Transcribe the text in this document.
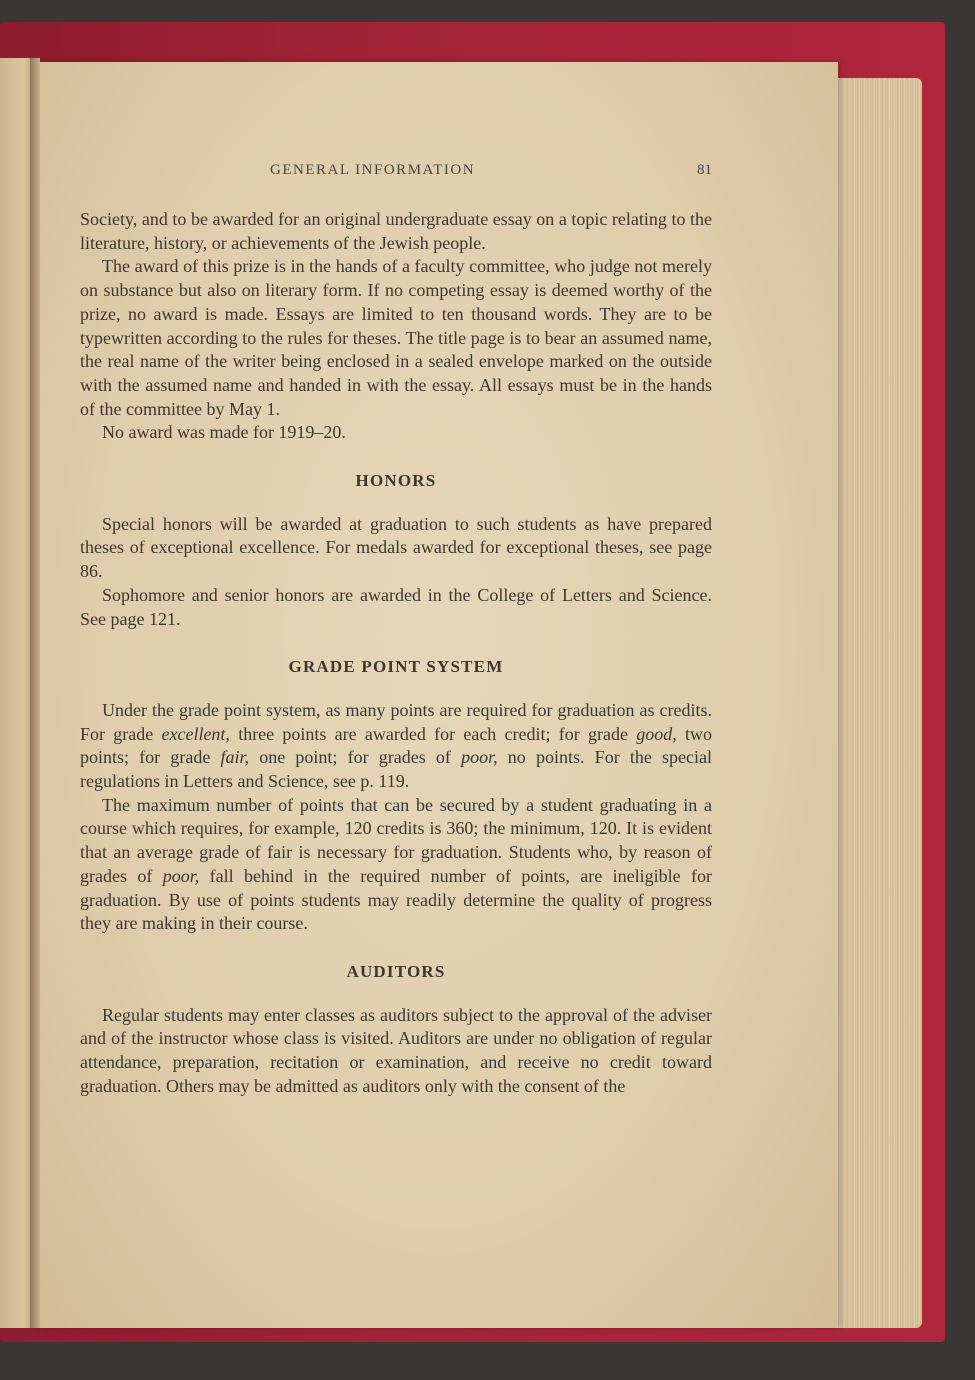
GENERAL INFORMATION	81

Society, and to be awarded for an original undergraduate essay on a topic relating to the literature, history, or achievements of the Jewish people.

The award of this prize is in the hands of a faculty committee, who judge not merely on substance but also on literary form. If no competing essay is deemed worthy of the prize, no award is made. Essays are limited to ten thousand words. They are to be typewritten according to the rules for theses. The title page is to bear an assumed name, the real name of the writer being enclosed in a sealed envelope marked on the outside with the assumed name and handed in with the essay. All essays must be in the hands of the committee by May 1.

No award was made for 1919–20.

HONORS

Special honors will be awarded at graduation to such students as have prepared theses of exceptional excellence. For medals awarded for exceptional theses, see page 86.

Sophomore and senior honors are awarded in the College of Letters and Science. See page 121.

GRADE POINT SYSTEM

Under the grade point system, as many points are required for graduation as credits. For grade excellent, three points are awarded for each credit; for grade good, two points; for grade fair, one point; for grades of poor, no points. For the special regulations in Letters and Science, see p. 119.

The maximum number of points that can be secured by a student graduating in a course which requires, for example, 120 credits is 360; the minimum, 120. It is evident that an average grade of fair is necessary for graduation. Students who, by reason of grades of poor, fall behind in the required number of points, are ineligible for graduation. By use of points students may readily determine the quality of progress they are making in their course.

AUDITORS

Regular students may enter classes as auditors subject to the approval of the adviser and of the instructor whose class is visited. Auditors are under no obligation of regular attendance, preparation, recitation or examination, and receive no credit toward graduation. Others may be admitted as auditors only with the consent of the
